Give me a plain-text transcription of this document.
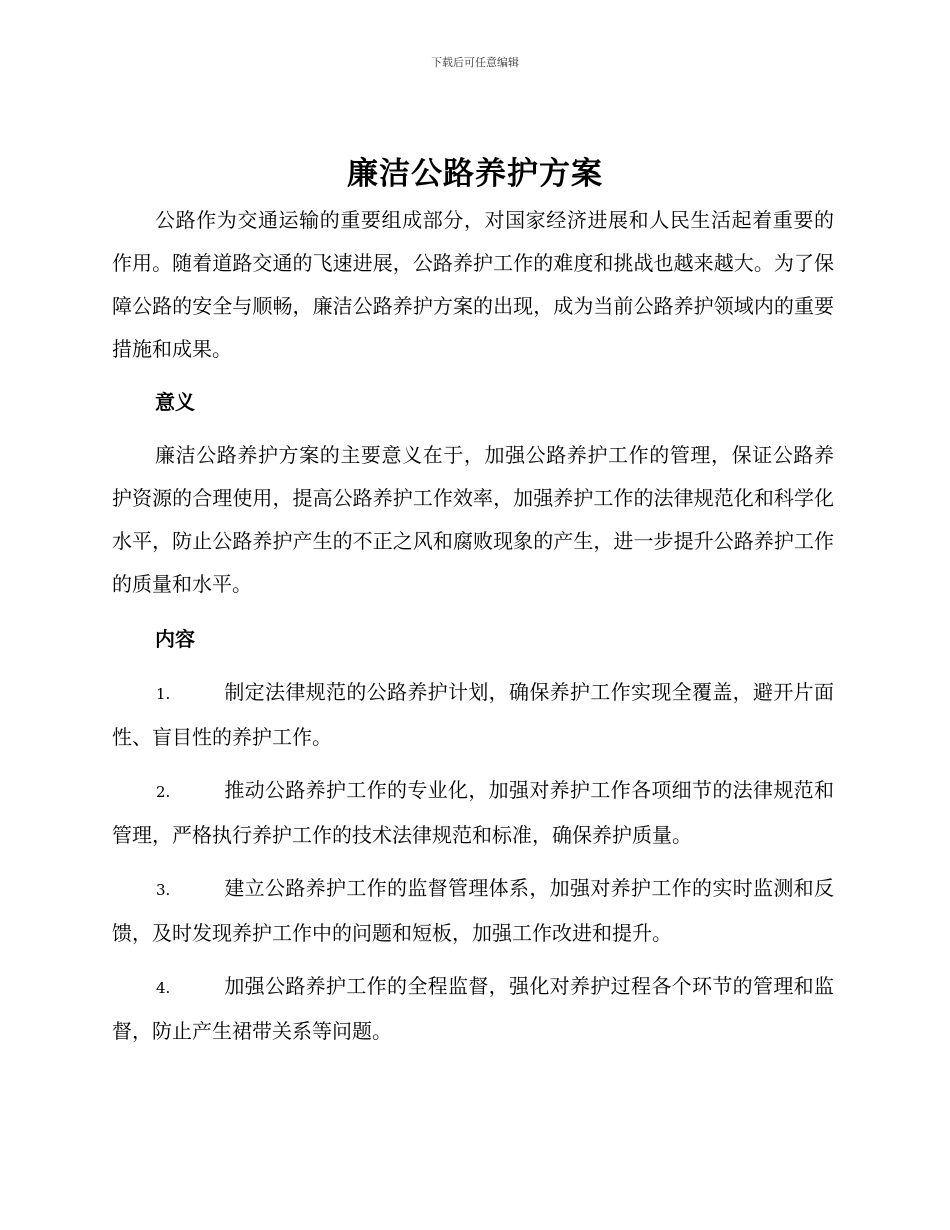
下载后可任意编辑
廉洁公路养护方案

公路作为交通运输的重要组成部分，对国家经济进展和人民生活起着重要的作用。随着道路交通的飞速进展，公路养护工作的难度和挑战也越来越大。为了保障公路的安全与顺畅，廉洁公路养护方案的出现，成为当前公路养护领域内的重要措施和成果。

意义

廉洁公路养护方案的主要意义在于，加强公路养护工作的管理，保证公路养护资源的合理使用，提高公路养护工作效率，加强养护工作的法律规范化和科学化水平，防止公路养护产生的不正之风和腐败现象的产生，进一步提升公路养护工作的质量和水平。

内容

1.	制定法律规范的公路养护计划，确保养护工作实现全覆盖，避开片面性、盲目性的养护工作。

2.	推动公路养护工作的专业化，加强对养护工作各项细节的法律规范和管理，严格执行养护工作的技术法律规范和标准，确保养护质量。

3.	建立公路养护工作的监督管理体系，加强对养护工作的实时监测和反馈，及时发现养护工作中的问题和短板，加强工作改进和提升。

4.	加强公路养护工作的全程监督，强化对养护过程各个环节的管理和监督，防止产生裙带关系等问题。
